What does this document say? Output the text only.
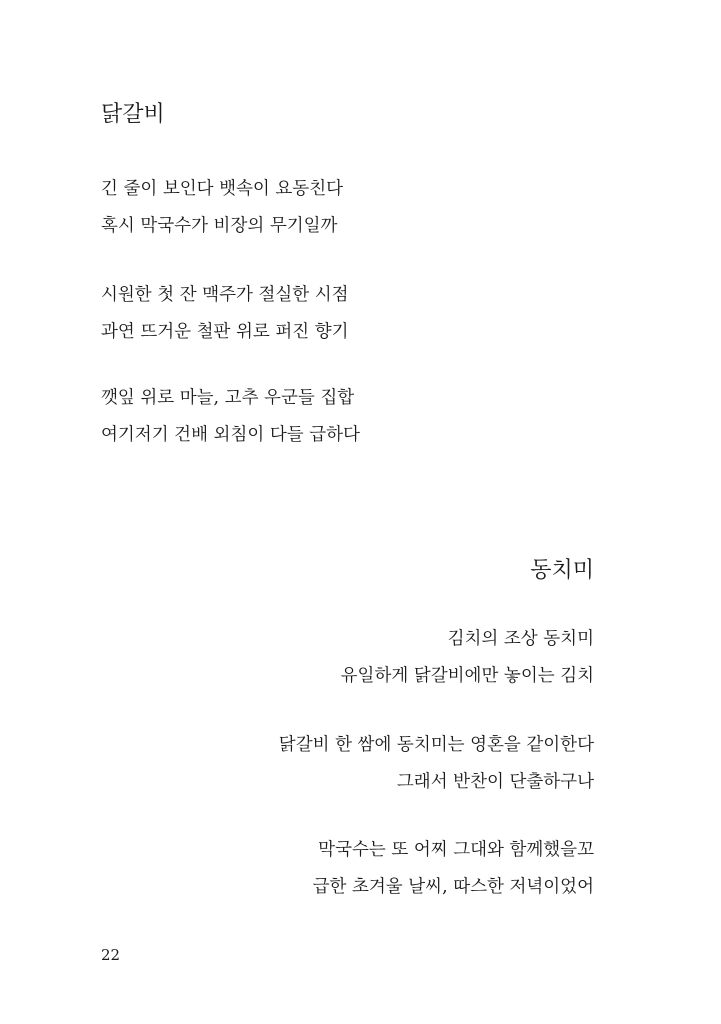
닭갈비

긴 줄이 보인다 뱃속이 요동친다
혹시 막국수가 비장의 무기일까

시원한 첫 잔 맥주가 절실한 시점
과연 뜨거운 철판 위로 퍼진 향기

깻잎 위로 마늘, 고추 우군들 집합
여기저기 건배 외침이 다들 급하다

동치미

김치의 조상 동치미
유일하게 닭갈비에만 놓이는 김치

닭갈비 한 쌈에 동치미는 영혼을 같이한다
그래서 반찬이 단출하구나

막국수는 또 어찌 그대와 함께했을꼬
급한 초겨울 날씨, 따스한 저녁이었어

22
